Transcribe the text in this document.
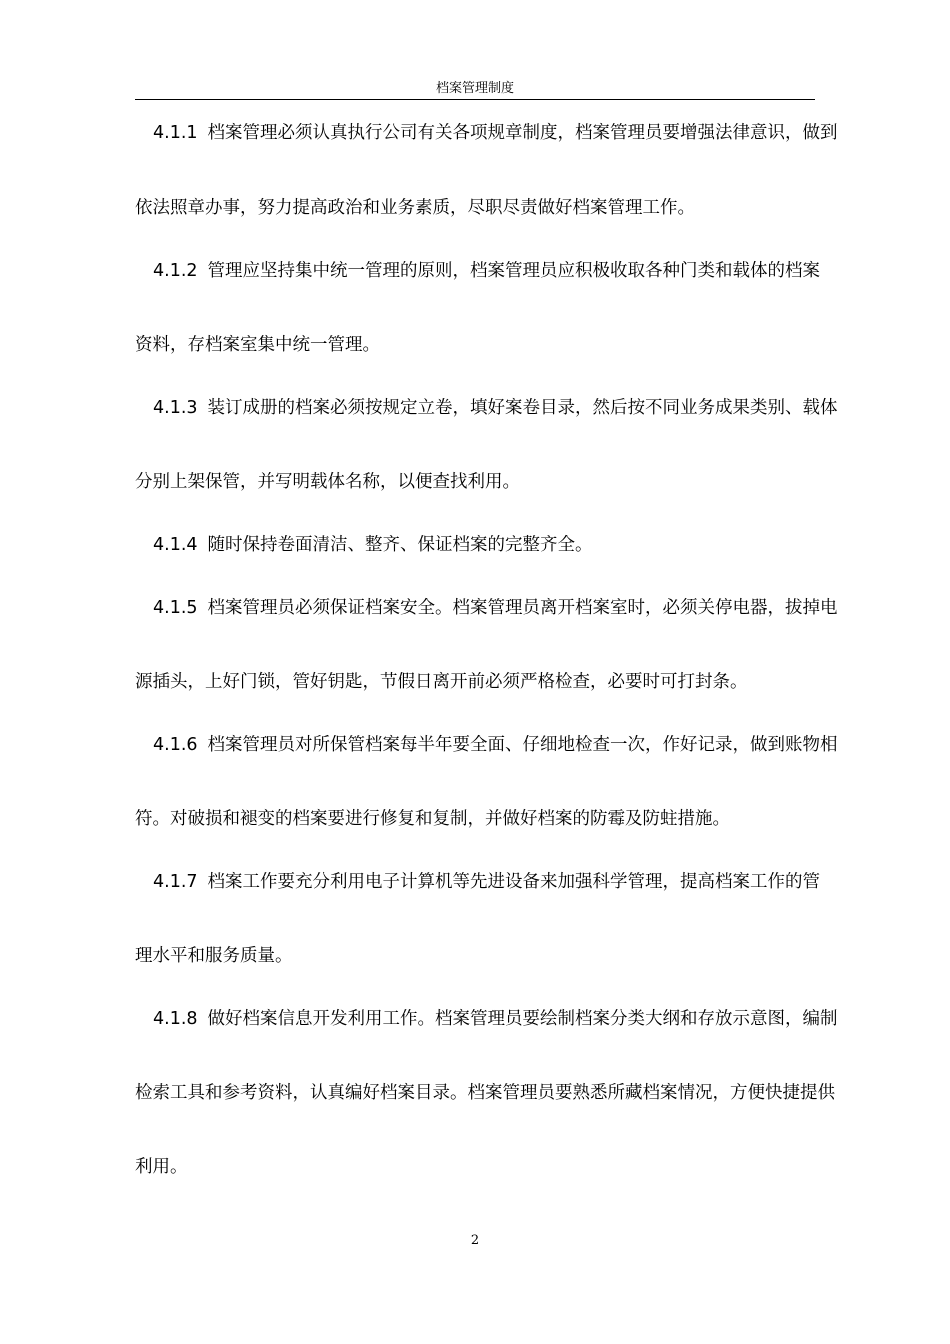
档案管理制度
4.1.1 档案管理必须认真执行公司有关各项规章制度，档案管理员要增强法律意识，做到
依法照章办事，努力提高政治和业务素质，尽职尽责做好档案管理工作。
4.1.2 管理应坚持集中统一管理的原则，档案管理员应积极收取各种门类和载体的档案
资料，存档案室集中统一管理。
4.1.3 装订成册的档案必须按规定立卷，填好案卷目录，然后按不同业务成果类别、载体
分别上架保管，并写明载体名称，以便查找利用。
4.1.4 随时保持卷面清洁、整齐、保证档案的完整齐全。
4.1.5 档案管理员必须保证档案安全。档案管理员离开档案室时，必须关停电器，拔掉电
源插头，上好门锁，管好钥匙，节假日离开前必须严格检查，必要时可打封条。
4.1.6 档案管理员对所保管档案每半年要全面、仔细地检查一次，作好记录，做到账物相
符。对破损和褪变的档案要进行修复和复制，并做好档案的防霉及防蛀措施。
4.1.7 档案工作要充分利用电子计算机等先进设备来加强科学管理，提高档案工作的管
理水平和服务质量。
4.1.8 做好档案信息开发利用工作。档案管理员要绘制档案分类大纲和存放示意图，编制
检索工具和参考资料，认真编好档案目录。档案管理员要熟悉所藏档案情况，方便快捷提供
利用。
2
